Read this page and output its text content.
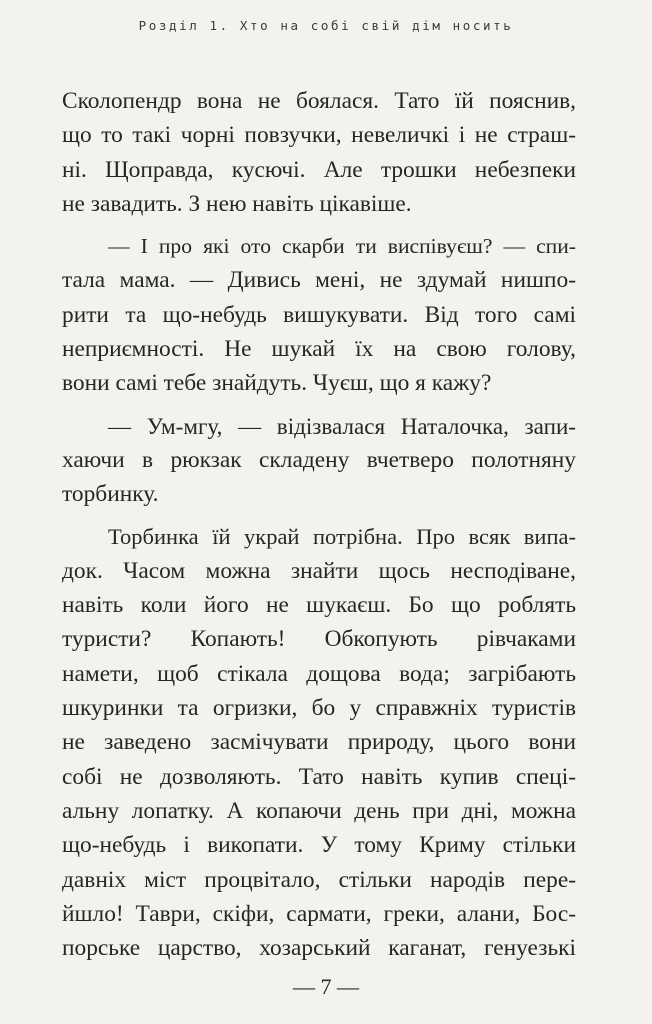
Розділ 1. Хто на собі свій дім носить
Сколопендр вона не боялася. Тато їй пояснив,
що то такі чорні повзучки, невеличкі і не страш-
ні. Щоправда, кусючі. Але трошки небезпеки
не завадить. З нею навіть цікавіше.
— І про які ото скарби ти виспівуєш? — спи-
тала мама. — Дивись мені, не здумай нишпо-
рити та що-небудь вишукувати. Від того самі
неприємності. Не шукай їх на свою голову,
вони самі тебе знайдуть. Чуєш, що я кажу?
— Ум-мгу, — відізвалася Наталочка, запи-
хаючи в рюкзак складену вчетверо полотняну
торбинку.
Торбинка їй украй потрібна. Про всяк випа-
док. Часом можна знайти щось несподіване,
навіть коли його не шукаєш. Бо що роблять
туристи? Копають! Обкопують рівчаками
намети, щоб стікала дощова вода; загрібають
шкуринки та огризки, бо у справжніх туристів
не заведено засмічувати природу, цього вони
собі не дозволяють. Тато навіть купив спеці-
альну лопатку. А копаючи день при дні, можна
що-небудь і викопати. У тому Криму стільки
давніх міст процвітало, стільки народів пере-
йшло! Таври, скіфи, сармати, греки, алани, Бос-
порське царство, хозарський каганат, генуезькі
— 7 —
